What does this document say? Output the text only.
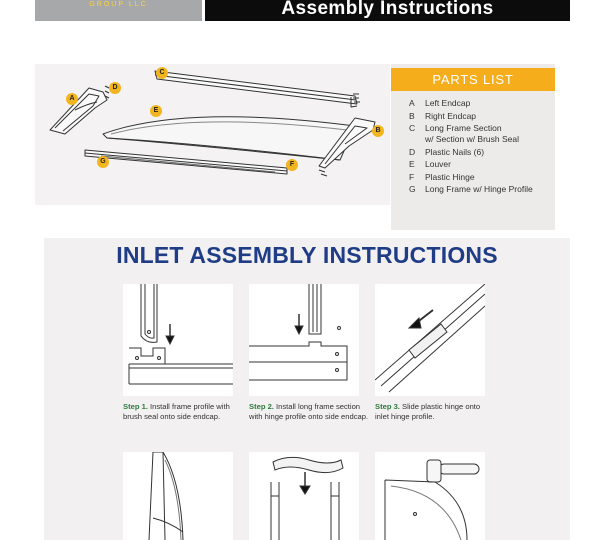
GROUP LLC	Assembly Instructions
A
D
C
E
B
G	F
PARTS LIST
A Left Endcap
B Right Endcap
C Long Frame Section
w/ Section w/ Brush Seal
D Plastic Nails (6)
E Louver
F Plastic Hinge
G Long Frame w/ Hinge Profile
INLET ASSEMBLY INSTRUCTIONS
Step 1. Install frame profile with brush seal onto side endcap.
Step 2. Install long frame section with hinge profile onto side endcap.
Step 3. Slide plastic hinge onto inlet hinge profile.
